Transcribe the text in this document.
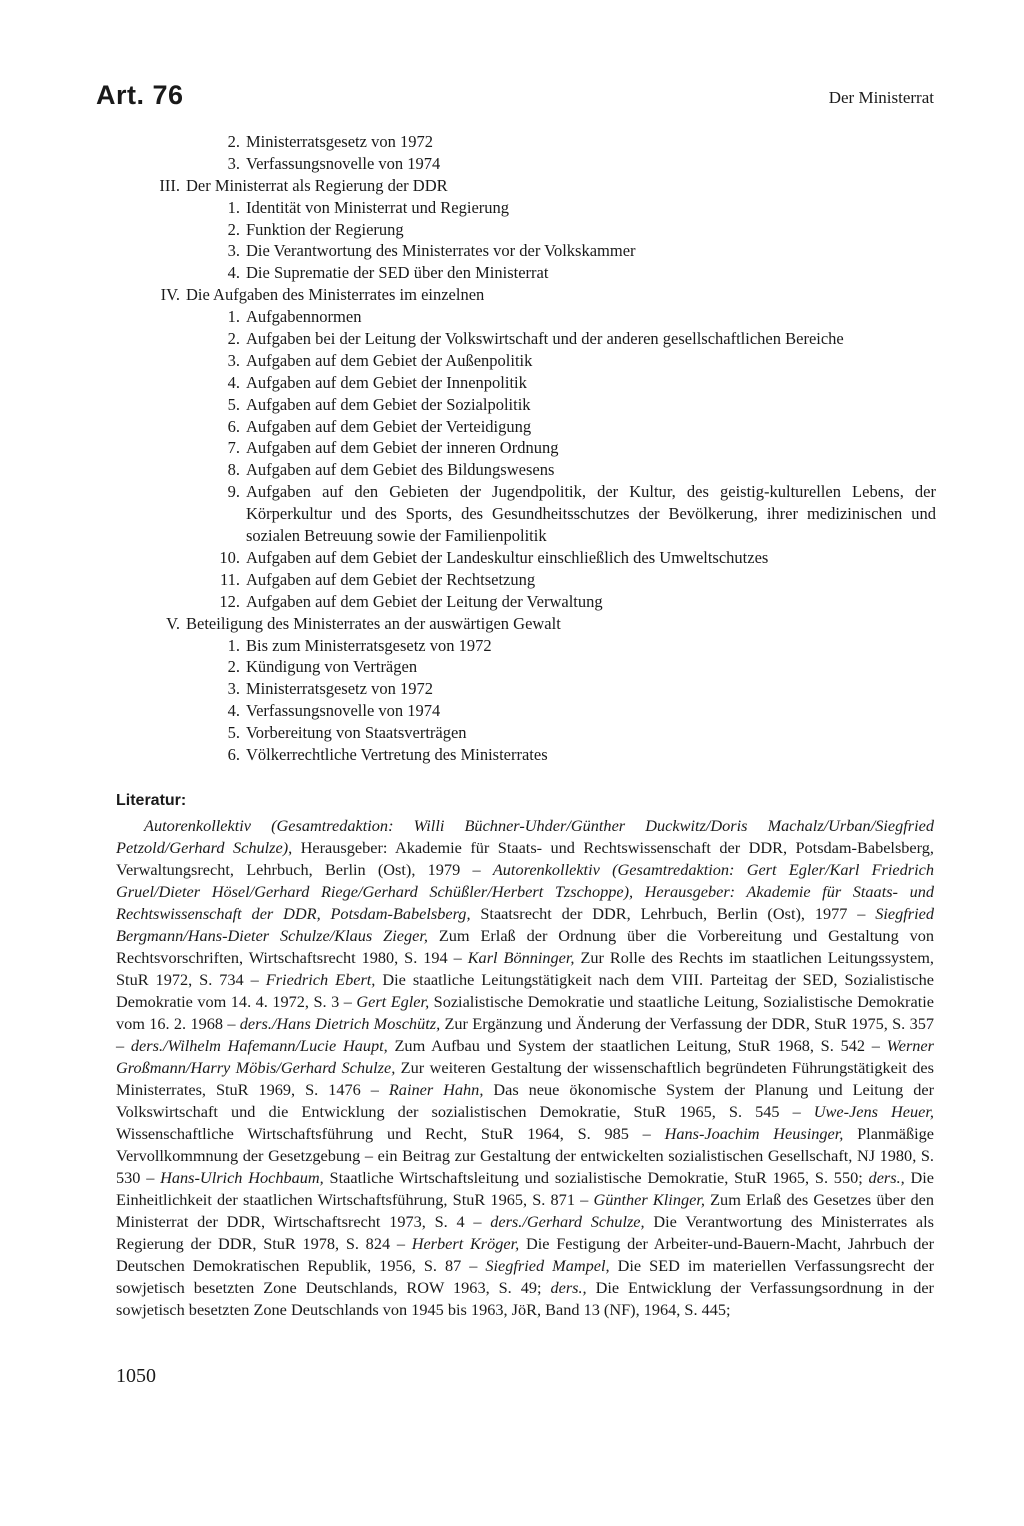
Art. 76	Der Ministerrat
2. Ministerratsgesetz von 1972
3. Verfassungsnovelle von 1974
III. Der Ministerrat als Regierung der DDR
1. Identität von Ministerrat und Regierung
2. Funktion der Regierung
3. Die Verantwortung des Ministerrates vor der Volkskammer
4. Die Suprematie der SED über den Ministerrat
IV. Die Aufgaben des Ministerrates im einzelnen
1. Aufgabennormen
2. Aufgaben bei der Leitung der Volkswirtschaft und der anderen gesellschaftlichen Bereiche
3. Aufgaben auf dem Gebiet der Außenpolitik
4. Aufgaben auf dem Gebiet der Innenpolitik
5. Aufgaben auf dem Gebiet der Sozialpolitik
6. Aufgaben auf dem Gebiet der Verteidigung
7. Aufgaben auf dem Gebiet der inneren Ordnung
8. Aufgaben auf dem Gebiet des Bildungswesens
9. Aufgaben auf den Gebieten der Jugendpolitik, der Kultur, des geistig-kulturellen Lebens, der Körperkultur und des Sports, des Gesundheitsschutzes der Bevölkerung, ihrer medizinischen und sozialen Betreuung sowie der Familienpolitik
10. Aufgaben auf dem Gebiet der Landeskultur einschließlich des Umweltschutzes
11. Aufgaben auf dem Gebiet der Rechtsetzung
12. Aufgaben auf dem Gebiet der Leitung der Verwaltung
V. Beteiligung des Ministerrates an der auswärtigen Gewalt
1. Bis zum Ministerratsgesetz von 1972
2. Kündigung von Verträgen
3. Ministerratsgesetz von 1972
4. Verfassungsnovelle von 1974
5. Vorbereitung von Staatsverträgen
6. Völkerrechtliche Vertretung des Ministerrates
Literatur:
Autorenkollektiv (Gesamtredaktion: Willi Büchner-Uhder/Günther Duckwitz/Doris Machalz/Urban/Siegfried Petzold/Gerhard Schulze), Herausgeber: Akademie für Staats- und Rechtswissenschaft der DDR, Potsdam-Babelsberg, Verwaltungsrecht, Lehrbuch, Berlin (Ost), 1979 – Autorenkollektiv (Gesamtredaktion: Gert Egler/Karl Friedrich Gruel/Dieter Hösel/Gerhard Riege/Gerhard Schüßler/Herbert Tzschoppe), Herausgeber: Akademie für Staats- und Rechtswissenschaft der DDR, Potsdam-Babelsberg, Staatsrecht der DDR, Lehrbuch, Berlin (Ost), 1977 – Siegfried Bergmann/Hans-Dieter Schulze/Klaus Zieger, Zum Erlaß der Ordnung über die Vorbereitung und Gestaltung von Rechtsvorschriften, Wirtschaftsrecht 1980, S. 194 – Karl Bönninger, Zur Rolle des Rechts im staatlichen Leitungssystem, StuR 1972, S. 734 – Friedrich Ebert, Die staatliche Leitungstätigkeit nach dem VIII. Parteitag der SED, Sozialistische Demokratie vom 14. 4. 1972, S. 3 – Gert Egler, Sozialistische Demokratie und staatliche Leitung, Sozialistische Demokratie vom 16. 2. 1968 – ders./Hans Dietrich Moschütz, Zur Ergänzung und Änderung der Verfassung der DDR, StuR 1975, S. 357 – ders./Wilhelm Hafemann/Lucie Haupt, Zum Aufbau und System der staatlichen Leitung, StuR 1968, S. 542 – Werner Großmann/Harry Möbis/Gerhard Schulze, Zur weiteren Gestaltung der wissenschaftlich begründeten Führungstätigkeit des Ministerrates, StuR 1969, S. 1476 – Rainer Hahn, Das neue ökonomische System der Planung und Leitung der Volkswirtschaft und die Entwicklung der sozialistischen Demokratie, StuR 1965, S. 545 – Uwe-Jens Heuer, Wissenschaftliche Wirtschaftsführung und Recht, StuR 1964, S. 985 – Hans-Joachim Heusinger, Planmäßige Vervollkommnung der Gesetzgebung – ein Beitrag zur Gestaltung der entwickelten sozialistischen Gesellschaft, NJ 1980, S. 530 – Hans-Ulrich Hochbaum, Staatliche Wirtschaftsleitung und sozialistische Demokratie, StuR 1965, S. 550; ders., Die Einheitlichkeit der staatlichen Wirtschaftsführung, StuR 1965, S. 871 – Günther Klinger, Zum Erlaß des Gesetzes über den Ministerrat der DDR, Wirtschaftsrecht 1973, S. 4 – ders./Gerhard Schulze, Die Verantwortung des Ministerrates als Regierung der DDR, StuR 1978, S. 824 – Herbert Kröger, Die Festigung der Arbeiter-und-Bauern-Macht, Jahrbuch der Deutschen Demokratischen Republik, 1956, S. 87 – Siegfried Mampel, Die SED im materiellen Verfassungsrecht der sowjetisch besetzten Zone Deutschlands, ROW 1963, S. 49; ders., Die Entwicklung der Verfassungsordnung in der sowjetisch besetzten Zone Deutschlands von 1945 bis 1963, JöR, Band 13 (NF), 1964, S. 445;
1050
